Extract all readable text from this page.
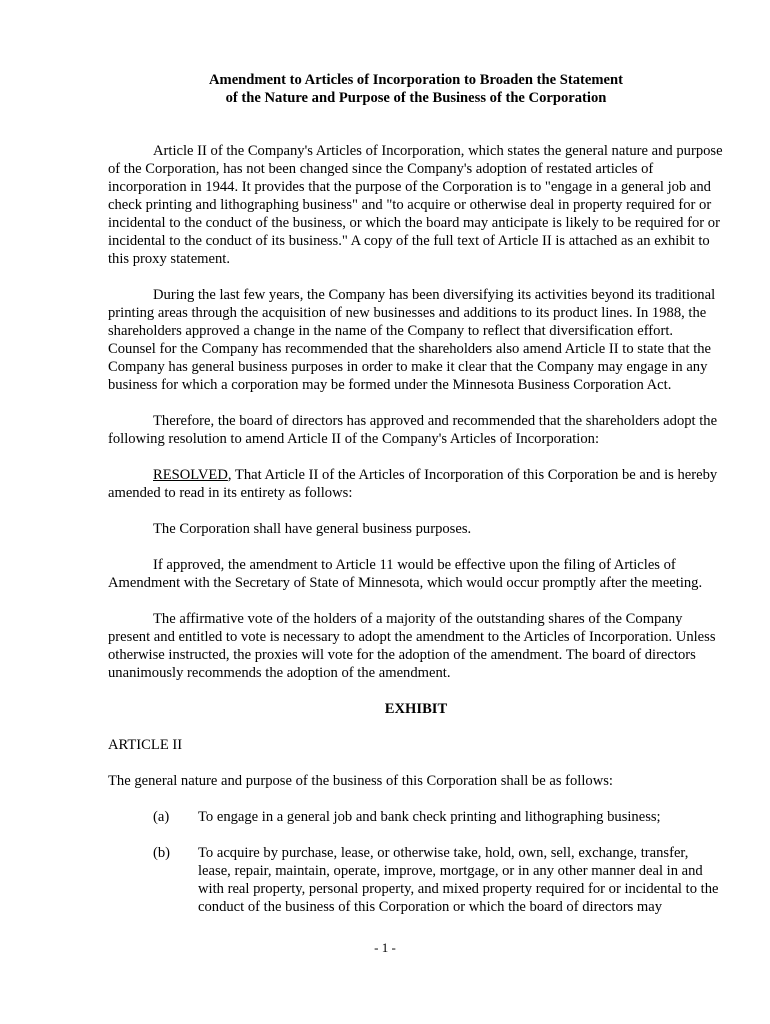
Amendment to Articles of Incorporation to Broaden the Statement
of the Nature and Purpose of the Business of the Corporation

Article II of the Company's Articles of Incorporation, which states the general nature and purpose of the Corporation, has not been changed since the Company's adoption of restated articles of incorporation in 1944. It provides that the purpose of the Corporation is to "engage in a general job and check printing and lithographing business" and "to acquire or otherwise deal in property required for or incidental to the conduct of the business, or which the board may anticipate is likely to be required for or incidental to the conduct of its business." A copy of the full text of Article II is attached as an exhibit to this proxy statement.

During the last few years, the Company has been diversifying its activities beyond its traditional printing areas through the acquisition of new businesses and additions to its product lines. In 1988, the shareholders approved a change in the name of the Company to reflect that diversification effort. Counsel for the Company has recommended that the shareholders also amend Article II to state that the Company has general business purposes in order to make it clear that the Company may engage in any business for which a corporation may be formed under the Minnesota Business Corporation Act.

Therefore, the board of directors has approved and recommended that the shareholders adopt the following resolution to amend Article II of the Company's Articles of Incorporation:

RESOLVED, That Article II of the Articles of Incorporation of this Corporation be and is hereby amended to read in its entirety as follows:

The Corporation shall have general business purposes.

If approved, the amendment to Article 11 would be effective upon the filing of Articles of Amendment with the Secretary of State of Minnesota, which would occur promptly after the meeting.

The affirmative vote of the holders of a majority of the outstanding shares of the Company present and entitled to vote is necessary to adopt the amendment to the Articles of Incorporation. Unless otherwise instructed, the proxies will vote for the adoption of the amendment. The board of directors unanimously recommends the adoption of the amendment.

EXHIBIT

ARTICLE II

The general nature and purpose of the business of this Corporation shall be as follows:

(a) To engage in a general job and bank check printing and lithographing business;
(b) To acquire by purchase, lease, or otherwise take, hold, own, sell, exchange, transfer, lease, repair, maintain, operate, improve, mortgage, or in any other manner deal in and with real property, personal property, and mixed property required for or incidental to the conduct of the business of this Corporation or which the board of directors may
- 1 -
